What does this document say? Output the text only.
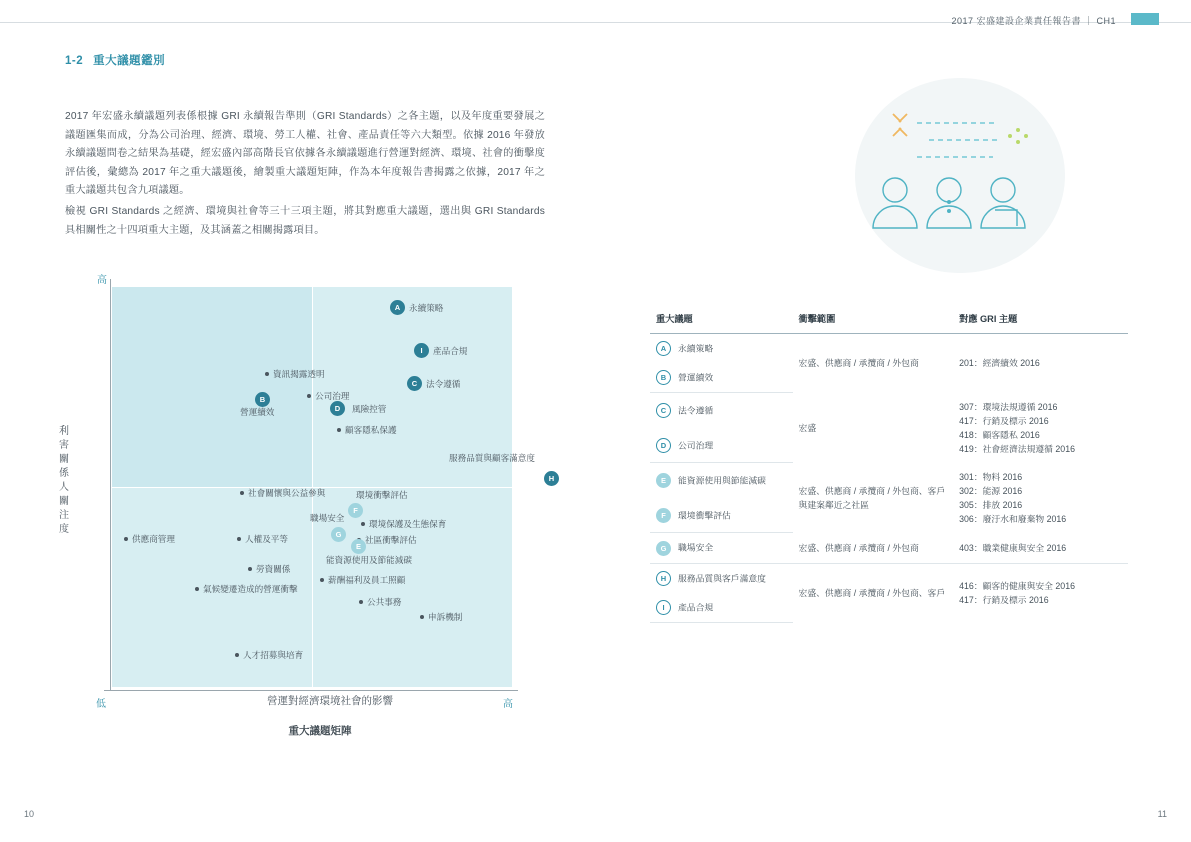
2017 宏盛建設企業責任報告書 ｜ CH1
1-2 重大議題鑑別

2017 年宏盛永續議題列表係根據 GRI 永續報告準則（GRI Standards）之各主題，以及年度重要發展之議題匯集而成，分為公司治理、經濟、環境、勞工人權、社會、產品責任等六大類型。依據 2016 年發放永續議題問卷之結果為基礎，經宏盛內部高階長官依據各永續議題進行營運對經濟、環境、社會的衝擊度評估後，彙總為 2017 年之重大議題後，繪製重大議題矩陣，作為本年度報告書揭露之依據，2017 年之重大議題共包含九項議題。

檢視 GRI Standards 之經濟、環境與社會等三十三項主題，將其對應重大議題，選出與 GRI Standards 具相關性之十四項重大主題，及其涵蓋之相關揭露項目。

高
低	高
利害關係人關注度
營運對經濟環境社會的影響
重大議題矩陣
A	永續策略
I	產品合規
資訊揭露透明
C	法令遵循
公司治理
B
營運續效	D	風險控管
顧客隱私保護
服務品質與顧客滿意度
H
社會關懷與公益參與	環境衝擊評估
F
職場安全
G
環境保護及生態保育
供應商管理	人權及平等	社區衝擊評估
E
能資源使用及節能減碳
勞資關係
薪酬福利及員工照顧
氣候變遷造成的營運衝擊
公共事務
申訴機制
人才招募與培育
重大議題	衝擊範圍	對應 GRI 主題
A 永續策略	宏盛、供應商 / 承攬商 / 外包商	201：經濟續效 2016
B 營運續效		
C 法令遵循	宏盛	307：環境法規遵循 2016
417：行銷及標示 2016
418：顧客隱私 2016
419：社會經濟法規遵循 2016

D 公司治理		
E 能資源使用與節能減碳	宏盛、供應商 / 承攬商 / 外包商、客戶與建案鄰近之社區	301：物料 2016
302：能源 2016
305：排放 2016
306：廢汙水和廢棄物 2016

F 環境衝擊評估		
G 職場安全	宏盛、供應商 / 承攬商 / 外包商	403：職業健康與安全 2016
H 服務品質與客戶滿意度	宏盛、供應商 / 承攬商 / 外包商、客戶	416：顧客的健康與安全 2016
417：行銷及標示 2016

I 產品合規		
10	11
